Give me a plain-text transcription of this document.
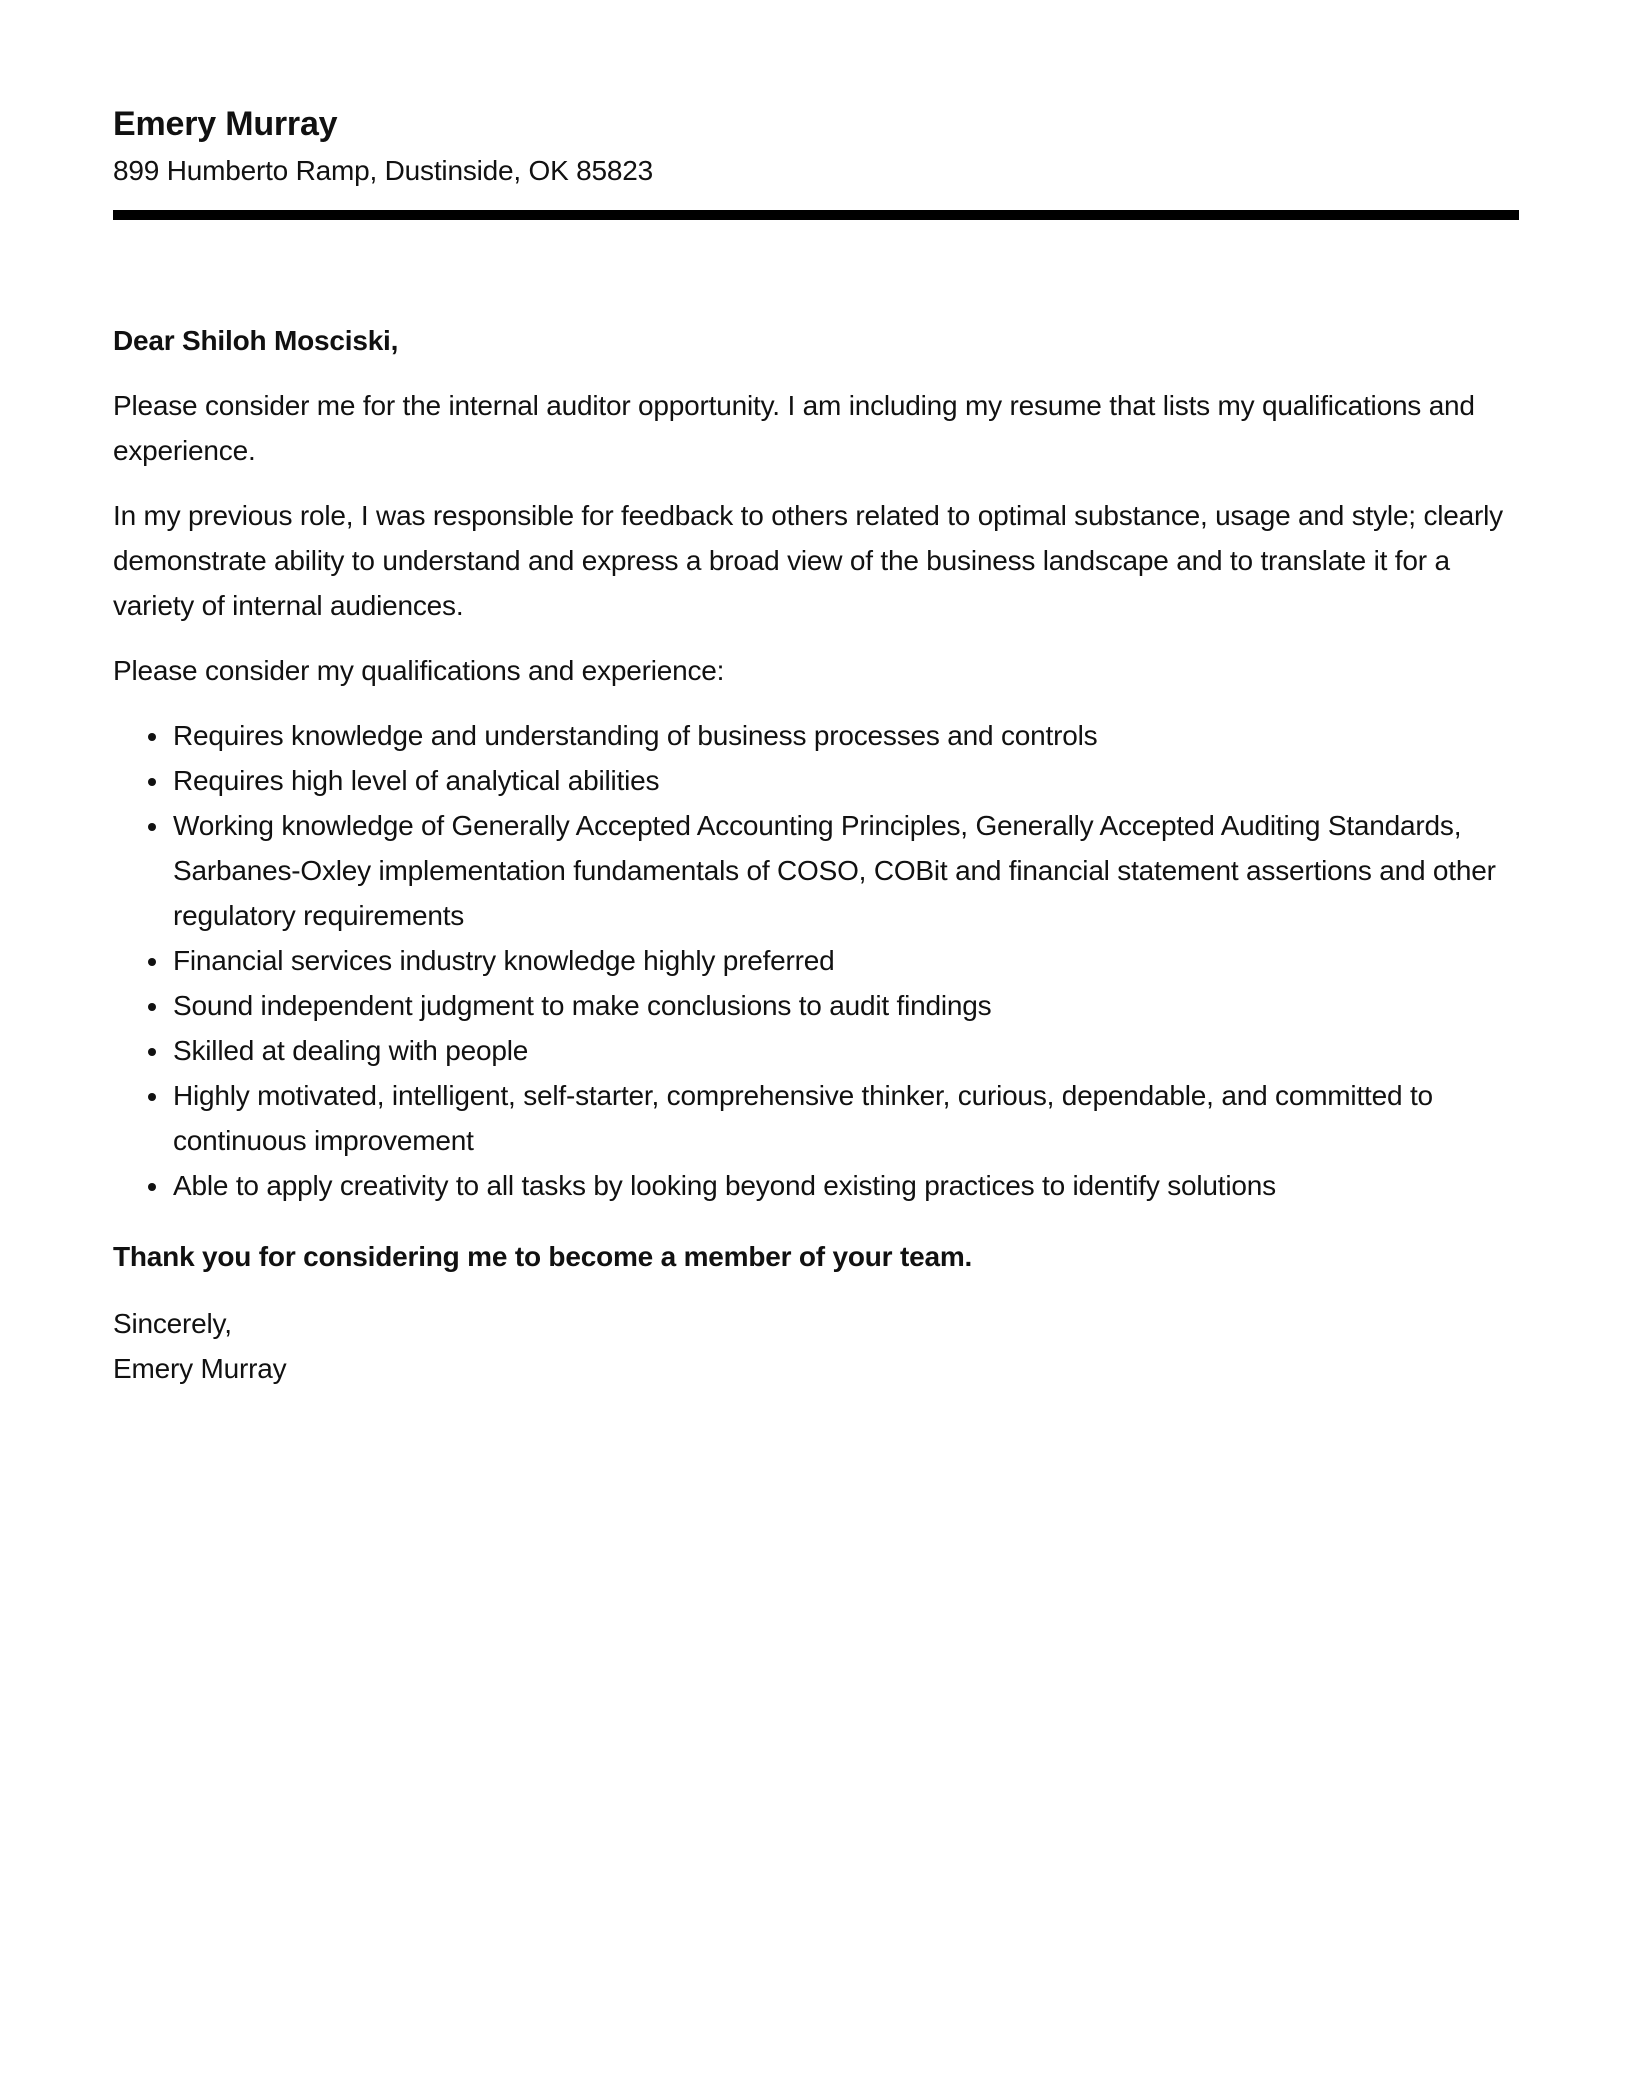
Emery Murray
899 Humberto Ramp, Dustinside, OK 85823
Dear Shiloh Mosciski,
Please consider me for the internal auditor opportunity. I am including my resume that lists my qualifications and experience.
In my previous role, I was responsible for feedback to others related to optimal substance, usage and style; clearly demonstrate ability to understand and express a broad view of the business landscape and to translate it for a variety of internal audiences.
Please consider my qualifications and experience:
• Requires knowledge and understanding of business processes and controls
• Requires high level of analytical abilities
• Working knowledge of Generally Accepted Accounting Principles, Generally Accepted Auditing Standards, Sarbanes-Oxley implementation fundamentals of COSO, COBit and financial statement assertions and other regulatory requirements
• Financial services industry knowledge highly preferred
• Sound independent judgment to make conclusions to audit findings
• Skilled at dealing with people
• Highly motivated, intelligent, self-starter, comprehensive thinker, curious, dependable, and committed to continuous improvement
• Able to apply creativity to all tasks by looking beyond existing practices to identify solutions
Thank you for considering me to become a member of your team.
Sincerely,
Emery Murray
